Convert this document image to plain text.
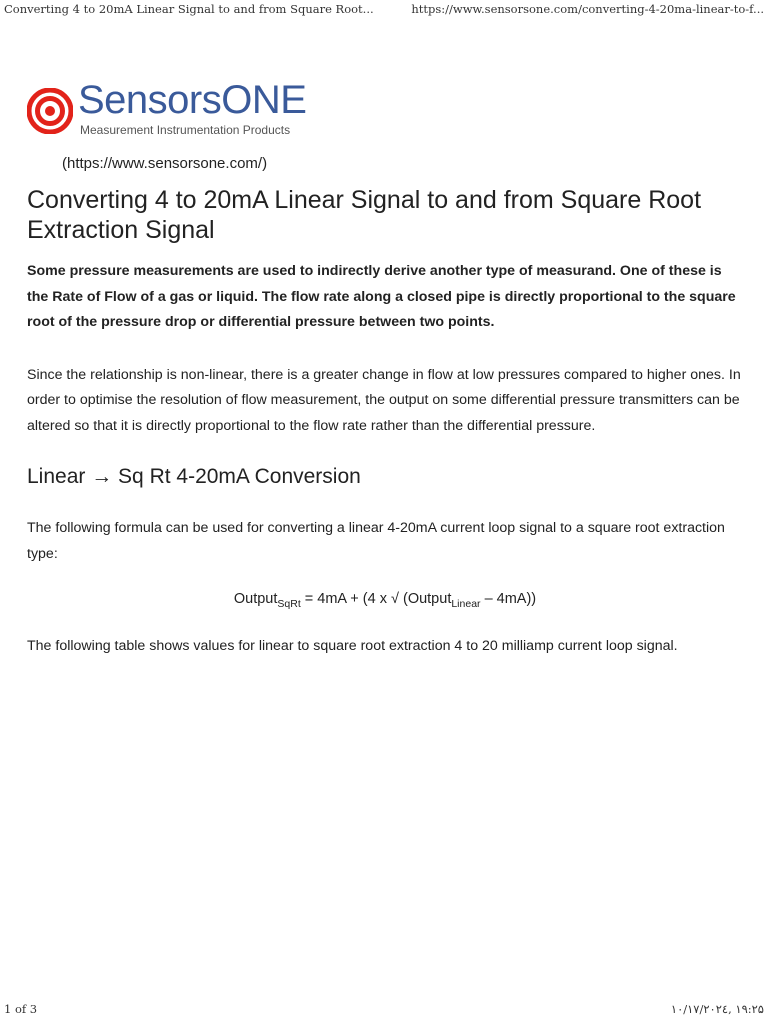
Converting 4 to 20mA Linear Signal to and from Square Root...	https://www.sensorsone.com/converting-4-20ma-linear-to-f...
SensorsONE
Measurement Instrumentation Products
(https://www.sensorsone.com/)
Converting 4 to 20mA Linear Signal to and from Square Root Extraction Signal

Some pressure measurements are used to indirectly derive another type of measurand. One of these is the Rate of Flow of a gas or liquid. The flow rate along a closed pipe is directly proportional to the square root of the pressure drop or differential pressure between two points.

Since the relationship is non-linear, there is a greater change in flow at low pressures compared to higher ones. In order to optimise the resolution of flow measurement, the output on some differential pressure transmitters can be altered so that it is directly proportional to the flow rate rather than the differential pressure.

Linear → Sq Rt 4-20mA Conversion

The following formula can be used for converting a linear 4-20mA current loop signal to a square root extraction type:

Output$_{SqRt}$ = 4mA + (4 x √ (Output$_{Linear}$ – 4mA))

The following table shows values for linear to square root extraction 4 to 20 milliamp current loop signal.

1 of 3	۱۹:۲۵ ,۲۰۲٤/۱۰/۱۷
